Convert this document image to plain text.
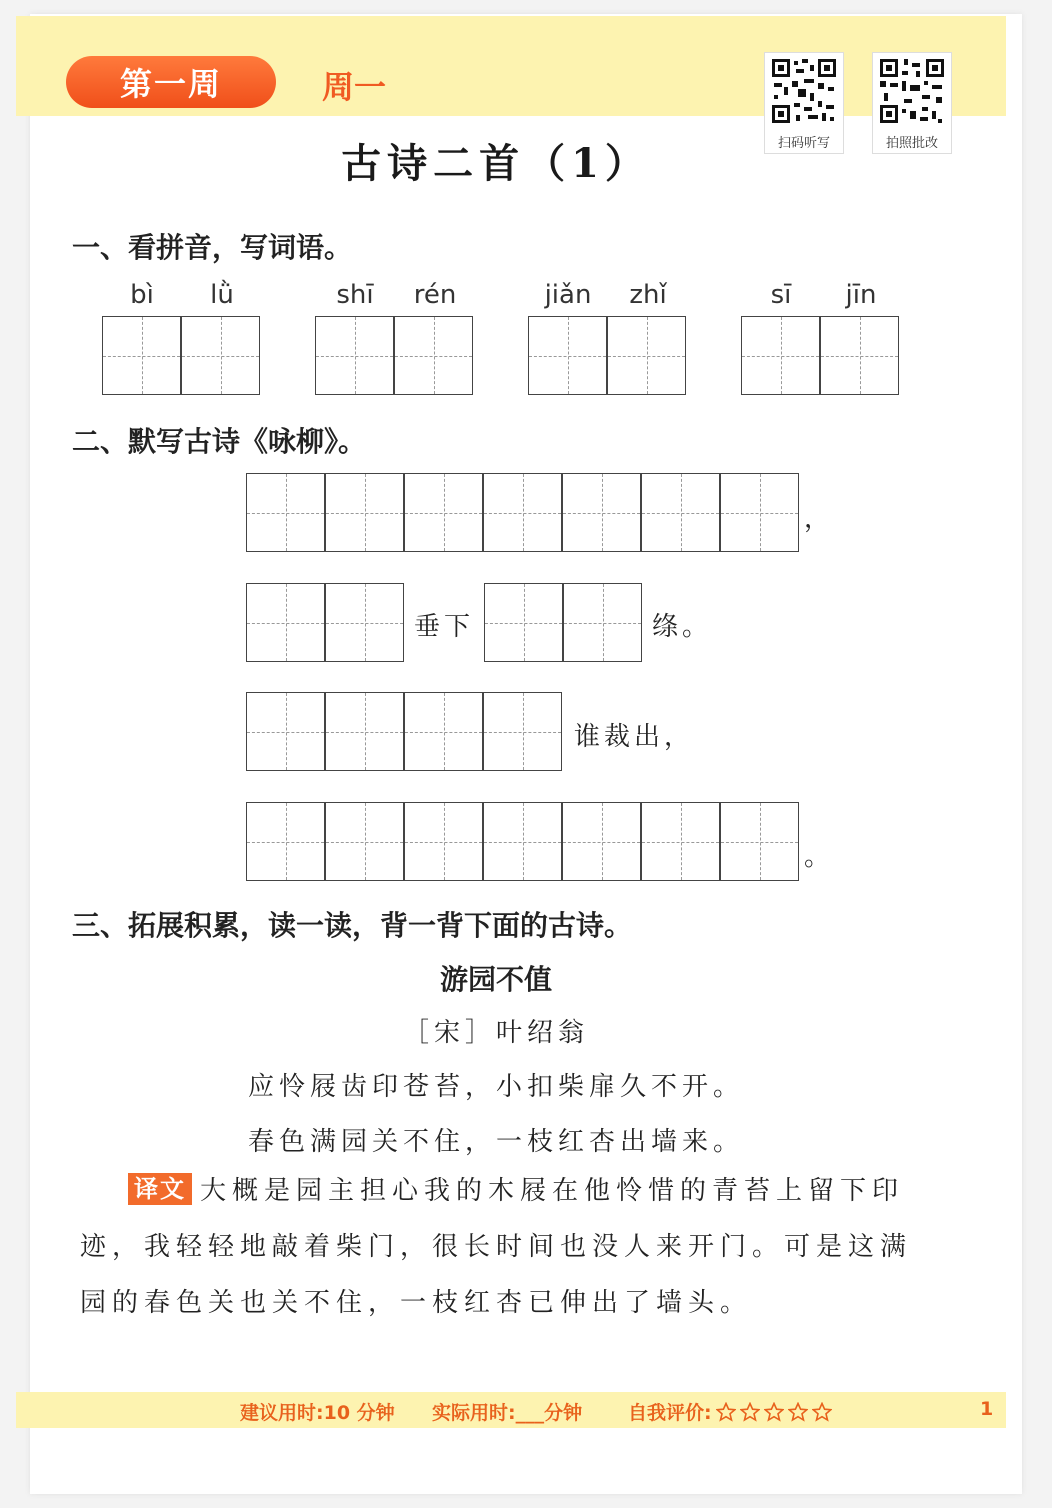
第一周	周一
扫码听写	拍照批改
古诗二首（1）
一、看拼音，写词语。
bì	lǜ	shī	rén	jiǎn	zhǐ	sī	jīn
二、默写古诗《咏柳》。
，
垂下	绦。
谁裁出，
。
三、拓展积累，读一读，背一背下面的古诗。
游园不值
［宋］叶绍翁
应怜屐齿印苍苔，小扣柴扉久不开。
春色满园关不住，一枝红杏出墙来。
译文 大概是园主担心我的木屐在他怜惜的青苔上留下印迹，我轻轻地敲着柴门，很长时间也没人来开门。可是这满园的春色关也关不住，一枝红杏已伸出了墙头。
建议用时:10 分钟 实际用时:___分钟 自我评价:	1
